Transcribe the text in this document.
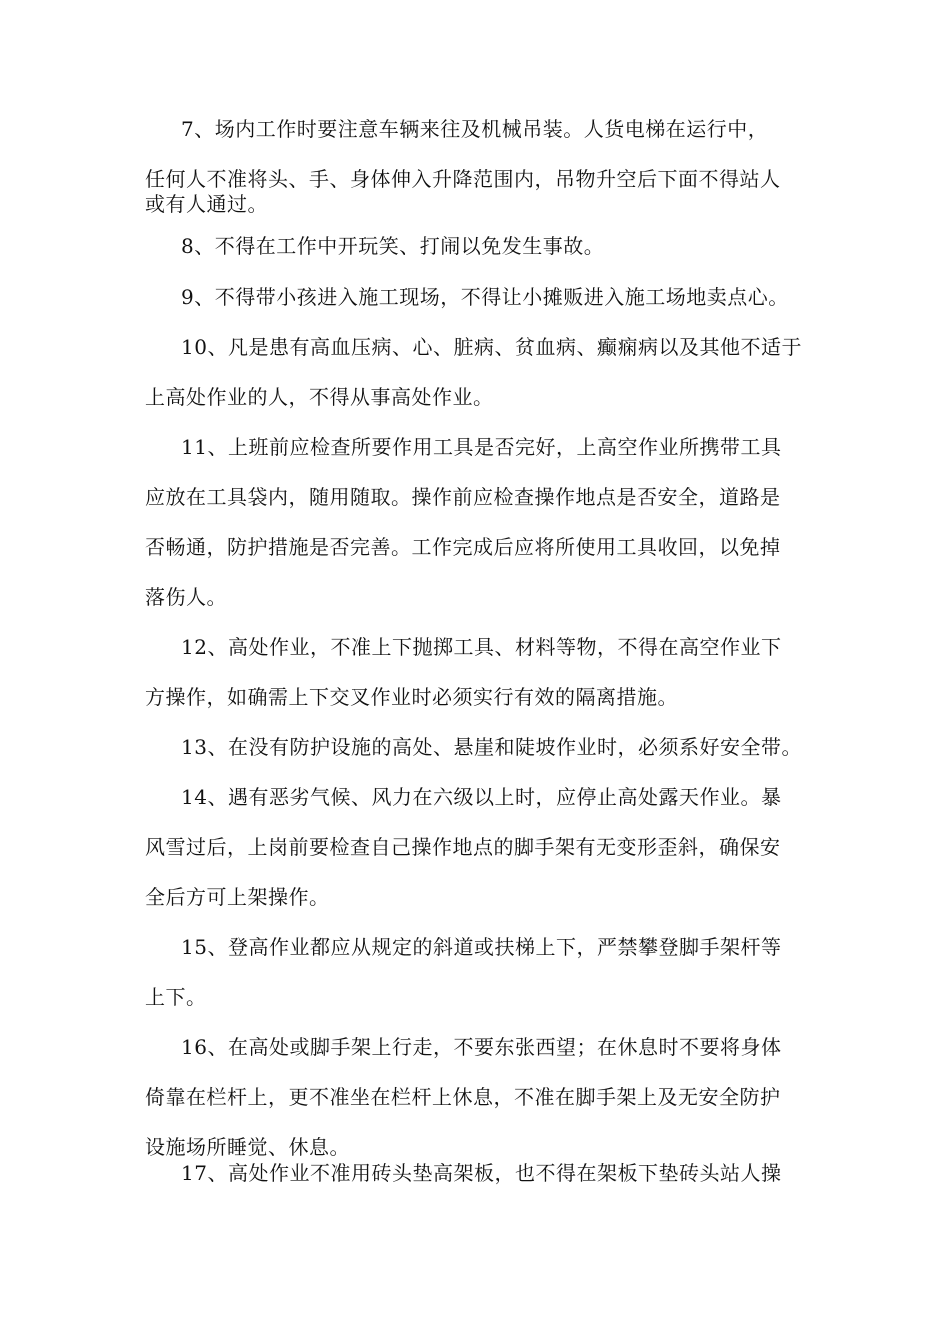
7、场内工作时要注意车辆来往及机械吊装。人货电梯在运行中，
任何人不准将头、手、身体伸入升降范围内，吊物升空后下面不得站人
或有人通过。
8、不得在工作中开玩笑、打闹以免发生事故。
9、不得带小孩进入施工现场，不得让小摊贩进入施工场地卖点心。
10、凡是患有高血压病、心、脏病、贫血病、癫痫病以及其他不适于
上高处作业的人，不得从事高处作业。
11、上班前应检查所要作用工具是否完好，上高空作业所携带工具
应放在工具袋内，随用随取。操作前应检查操作地点是否安全，道路是
否畅通，防护措施是否完善。工作完成后应将所使用工具收回，以免掉
落伤人。
12、高处作业，不准上下抛掷工具、材料等物，不得在高空作业下
方操作，如确需上下交叉作业时必须实行有效的隔离措施。
13、在没有防护设施的高处、悬崖和陡坡作业时，必须系好安全带。
14、遇有恶劣气候、风力在六级以上时，应停止高处露天作业。暴
风雪过后，上岗前要检查自己操作地点的脚手架有无变形歪斜，确保安
全后方可上架操作。
15、登高作业都应从规定的斜道或扶梯上下，严禁攀登脚手架杆等
上下。
16、在高处或脚手架上行走，不要东张西望；在休息时不要将身体
倚靠在栏杆上，更不准坐在栏杆上休息，不准在脚手架上及无安全防护
设施场所睡觉、休息。
17、高处作业不准用砖头垫高架板，也不得在架板下垫砖头站人操
